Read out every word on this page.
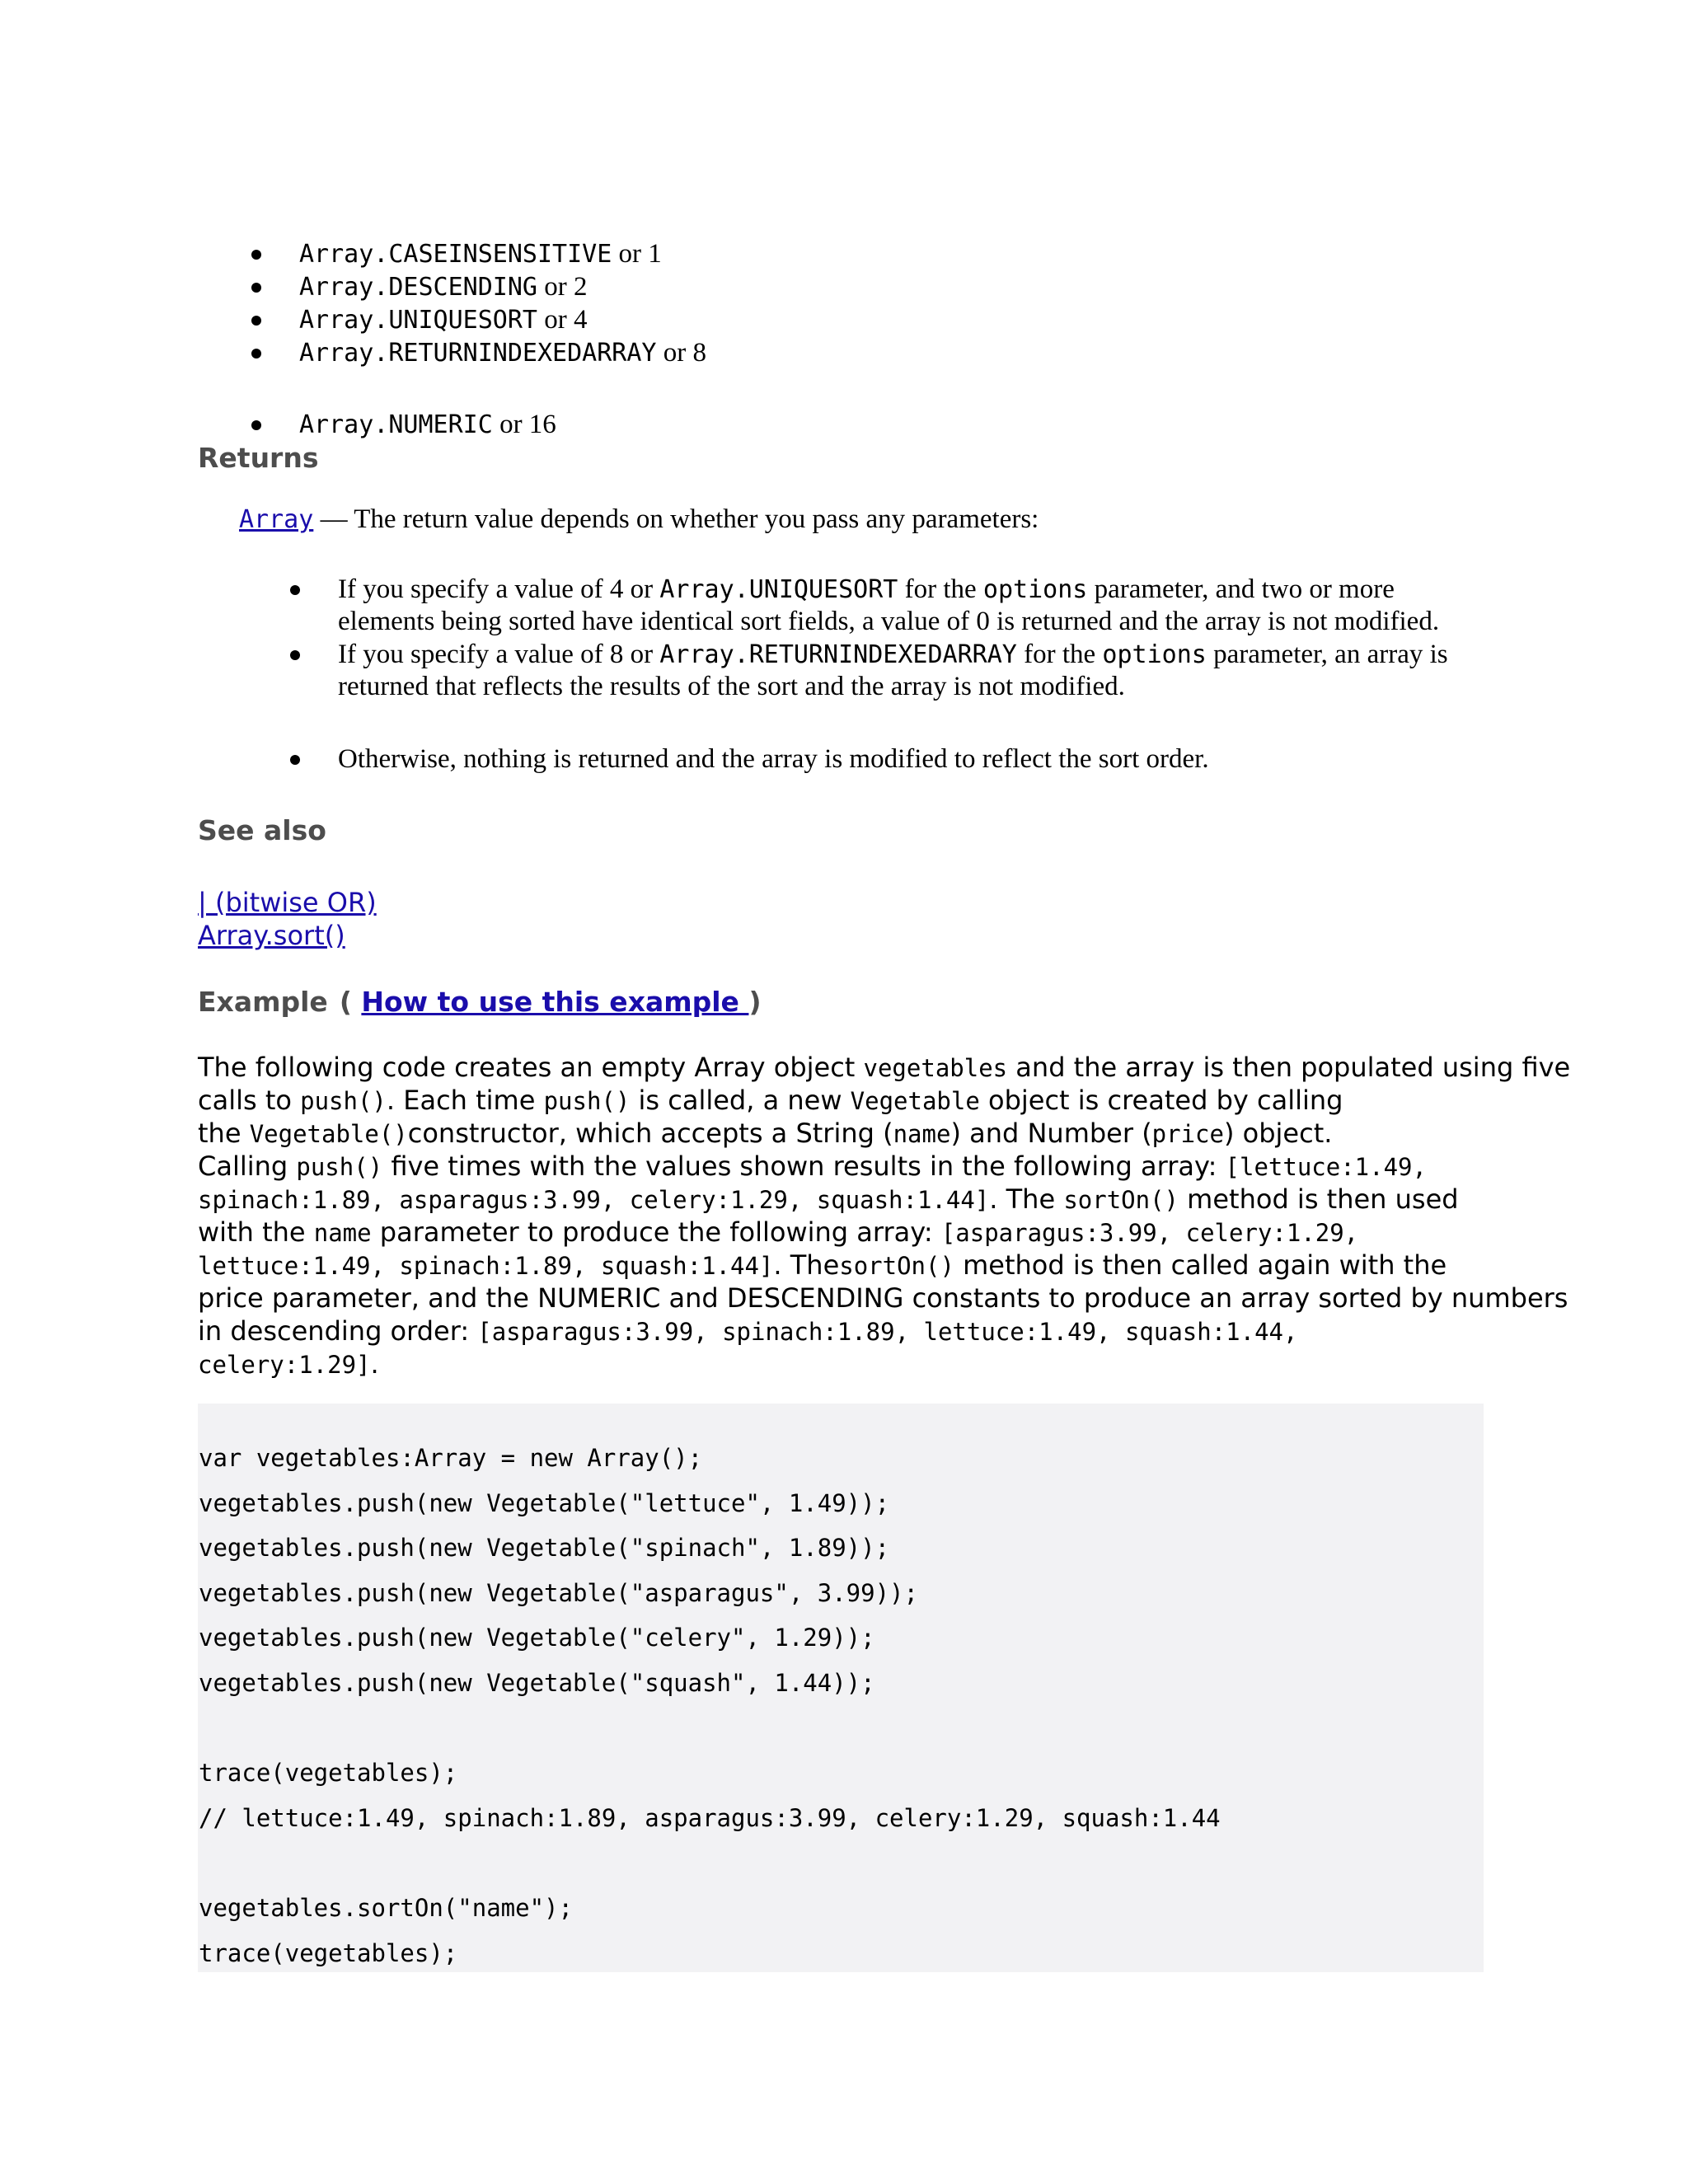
Array.CASEINSENSITIVE or 1
Array.DESCENDING or 2
Array.UNIQUESORT or 4
Array.RETURNINDEXEDARRAY or 8
Array.NUMERIC or 16
Returns
Array — The return value depends on whether you pass any parameters:
If you specify a value of 4 or Array.UNIQUESORT for the options parameter, and two or more
elements being sorted have identical sort fields, a value of 0 is returned and the array is not modified.
If you specify a value of 8 or Array.RETURNINDEXEDARRAY for the options parameter, an array is
returned that reflects the results of the sort and the array is not modified.
Otherwise, nothing is returned and the array is modified to reflect the sort order.
See also
| (bitwise OR)
Array.sort()
Example ( How to use this example )
The following code creates an empty Array object vegetables and the array is then populated using five
calls to push(). Each time push() is called, a new Vegetable object is created by calling
the Vegetable()constructor, which accepts a String (name) and Number (price) object.
Calling push() five times with the values shown results in the following array: [lettuce:1.49,
spinach:1.89, asparagus:3.99, celery:1.29, squash:1.44]. The sortOn() method is then used
with the name parameter to produce the following array: [asparagus:3.99, celery:1.29,
lettuce:1.49, spinach:1.89, squash:1.44]. ThesortOn() method is then called again with the
price parameter, and the NUMERIC and DESCENDING constants to produce an array sorted by numbers
in descending order: [asparagus:3.99, spinach:1.89, lettuce:1.49, squash:1.44,
celery:1.29].
var vegetables:Array = new Array();
vegetables.push(new Vegetable("lettuce", 1.49));
vegetables.push(new Vegetable("spinach", 1.89));
vegetables.push(new Vegetable("asparagus", 3.99));
vegetables.push(new Vegetable("celery", 1.29));
vegetables.push(new Vegetable("squash", 1.44));
trace(vegetables);
// lettuce:1.49, spinach:1.89, asparagus:3.99, celery:1.29, squash:1.44
vegetables.sortOn("name");
trace(vegetables);
